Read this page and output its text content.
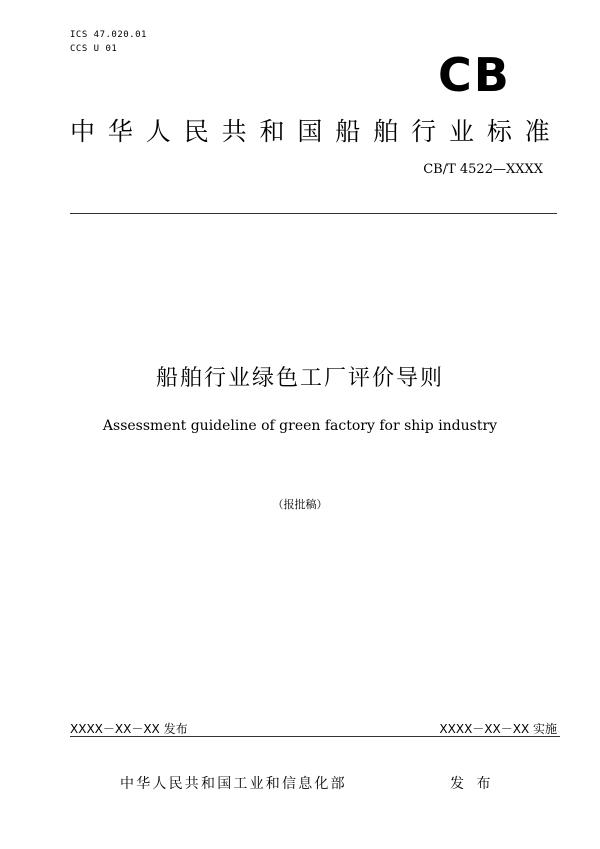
ICS 47.020.01
CCS U 01	CB
中华人民共和国船舶行业标准
CB/T 4522—XXXX
船舶行业绿色工厂评价导则
Assessment guideline of green factory for ship industry
（报批稿）
XXXX－XX－XX 发布	XXXX－XX－XX 实施
中华人民共和国工业和信息化部	发 布
